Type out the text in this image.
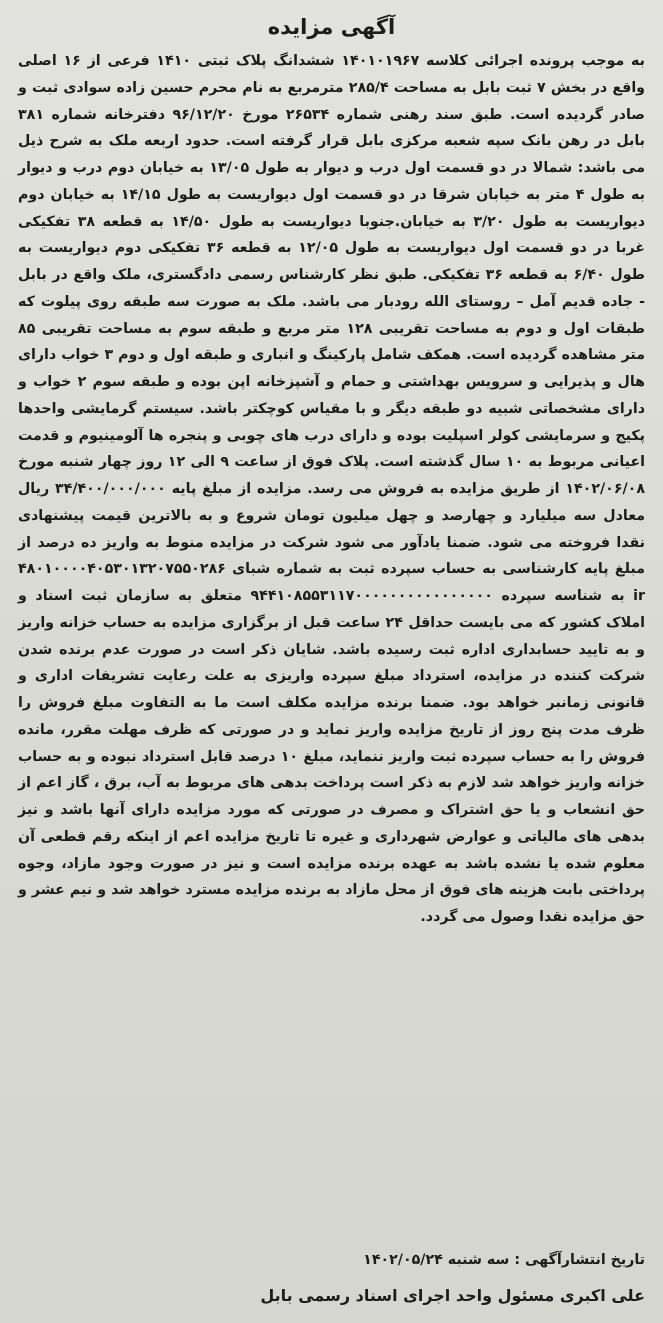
آگهی مزایده

به موجب پرونده اجرائی کلاسه ۱۴۰۱۰۱۹۶۷ ششدانگ پلاک ثبتی ۱۴۱۰ فرعی از ۱۶ اصلی واقع در بخش ۷ ثبت بابل به مساحت ۲۸۵/۴ مترمربع به نام محرم حسین زاده سوادی ثبت و صادر گردیده است. طبق سند رهنی شماره ۲۶۵۳۴ مورخ ۹۶/۱۲/۲۰ دفترخانه شماره ۳۸۱ بابل در رهن بانک سپه شعبه مرکزی بابل قرار گرفته است. حدود اربعه ملک به شرح ذیل می باشد: شمالا در دو قسمت اول درب و دیوار به طول ۱۳/۰۵ به خیابان دوم درب و دیوار به طول ۴ متر به خیابان شرقا در دو قسمت اول دیواریست به طول ۱۴/۱۵ به خیابان دوم دیواریست به طول ۳/۲۰ به خیابان.جنوبا دیواریست به طول ۱۴/۵۰ به قطعه ۳۸ تفکیکی غربا در دو قسمت اول دیواریست به طول ۱۲/۰۵ به قطعه ۳۶ تفکیکی دوم دیواریست به طول ۶/۴۰ به قطعه ۳۶ تفکیکی. طبق نظر کارشناس رسمی دادگستری، ملک واقع در بابل - جاده قدیم آمل – روستای الله رودبار می باشد. ملک به صورت سه طبقه روی پیلوت که طبقات اول و دوم به مساحت تقریبی ۱۲۸ متر مربع و طبقه سوم به مساحت تقریبی ۸۵ متر مشاهده گردیده است. همکف شامل پارکینگ و انباری و طبقه اول و دوم ۳ خواب دارای هال و پذیرایی و سرویس بهداشتی و حمام و آشپزخانه اپن بوده و طبقه سوم ۲ خواب و دارای مشخصاتی شبیه دو طبقه دیگر و با مقیاس کوچکتر باشد. سیستم گرمایشی واحدها پکیج و سرمایشی کولر اسپلیت بوده و دارای درب های چوبی و پنجره ها آلومینیوم و قدمت اعیانی مربوط به ۱۰ سال گذشته است. پلاک فوق از ساعت ۹ الی ۱۲ روز چهار شنبه مورخ ۱۴۰۲/۰۶/۰۸ از طریق مزایده به فروش می رسد. مزایده از مبلغ پایه ۳۴/۴۰۰/۰۰۰/۰۰۰ ریال معادل سه میلیارد و چهارصد و چهل میلیون تومان شروع و به بالاترین قیمت پیشنهادی نقدا فروخته می شود. ضمنا یادآور می شود شرکت در مزایده منوط به واریز ده درصد از مبلغ پایه کارشناسی به حساب سپرده ثبت به شماره شبای ۴۸۰۱۰۰۰۰۴۰۵۳۰۱۳۲۰۷۵۵۰۲۸۶ ir به شناسه سپرده ۹۴۴۱۰۸۵۵۳۱۱۷۰۰۰۰۰۰۰۰۰۰۰۰۰۰۰۰ متعلق به سازمان ثبت اسناد و املاک کشور که می بایست حداقل ۲۴ ساعت قبل از برگزاری مزایده به حساب خزانه واریز و به تایید حسابداری اداره ثبت رسیده باشد. شایان ذکر است در صورت عدم برنده شدن شرکت کننده در مزایده، استرداد مبلغ سپرده واریزی به علت رعایت تشریفات اداری و قانونی زمانبر خواهد بود. ضمنا برنده مزایده مکلف است ما به التفاوت مبلغ فروش را ظرف مدت پنج روز از تاریخ مزایده واریز نماید و در صورتی که ظرف مهلت مقرر، مانده فروش را به حساب سپرده ثبت واریز ننماید، مبلغ ۱۰ درصد قابل استرداد نبوده و به حساب خزانه واریز خواهد شد لازم به ذکر است پرداخت بدهی های مربوط به آب، برق ، گاز اعم از حق انشعاب و یا حق اشتراک و مصرف در صورتی که مورد مزایده دارای آنها باشد و نیز بدهی های مالیاتی و عوارض شهرداری و غیره تا تاریخ مزایده اعم از اینکه رقم قطعی آن معلوم شده یا نشده باشد به عهده برنده مزایده است و نیز در صورت وجود مازاد، وجوه پرداختی بابت هزینه های فوق از محل مازاد به برنده مزایده مسترد خواهد شد و نیم عشر و حق مزایده نقدا وصول می گردد.

تاریخ انتشارآگهی : سه شنبه ۱۴۰۲/۰۵/۲۴
علی اکبری مسئول واحد اجرای اسناد رسمی بابل
